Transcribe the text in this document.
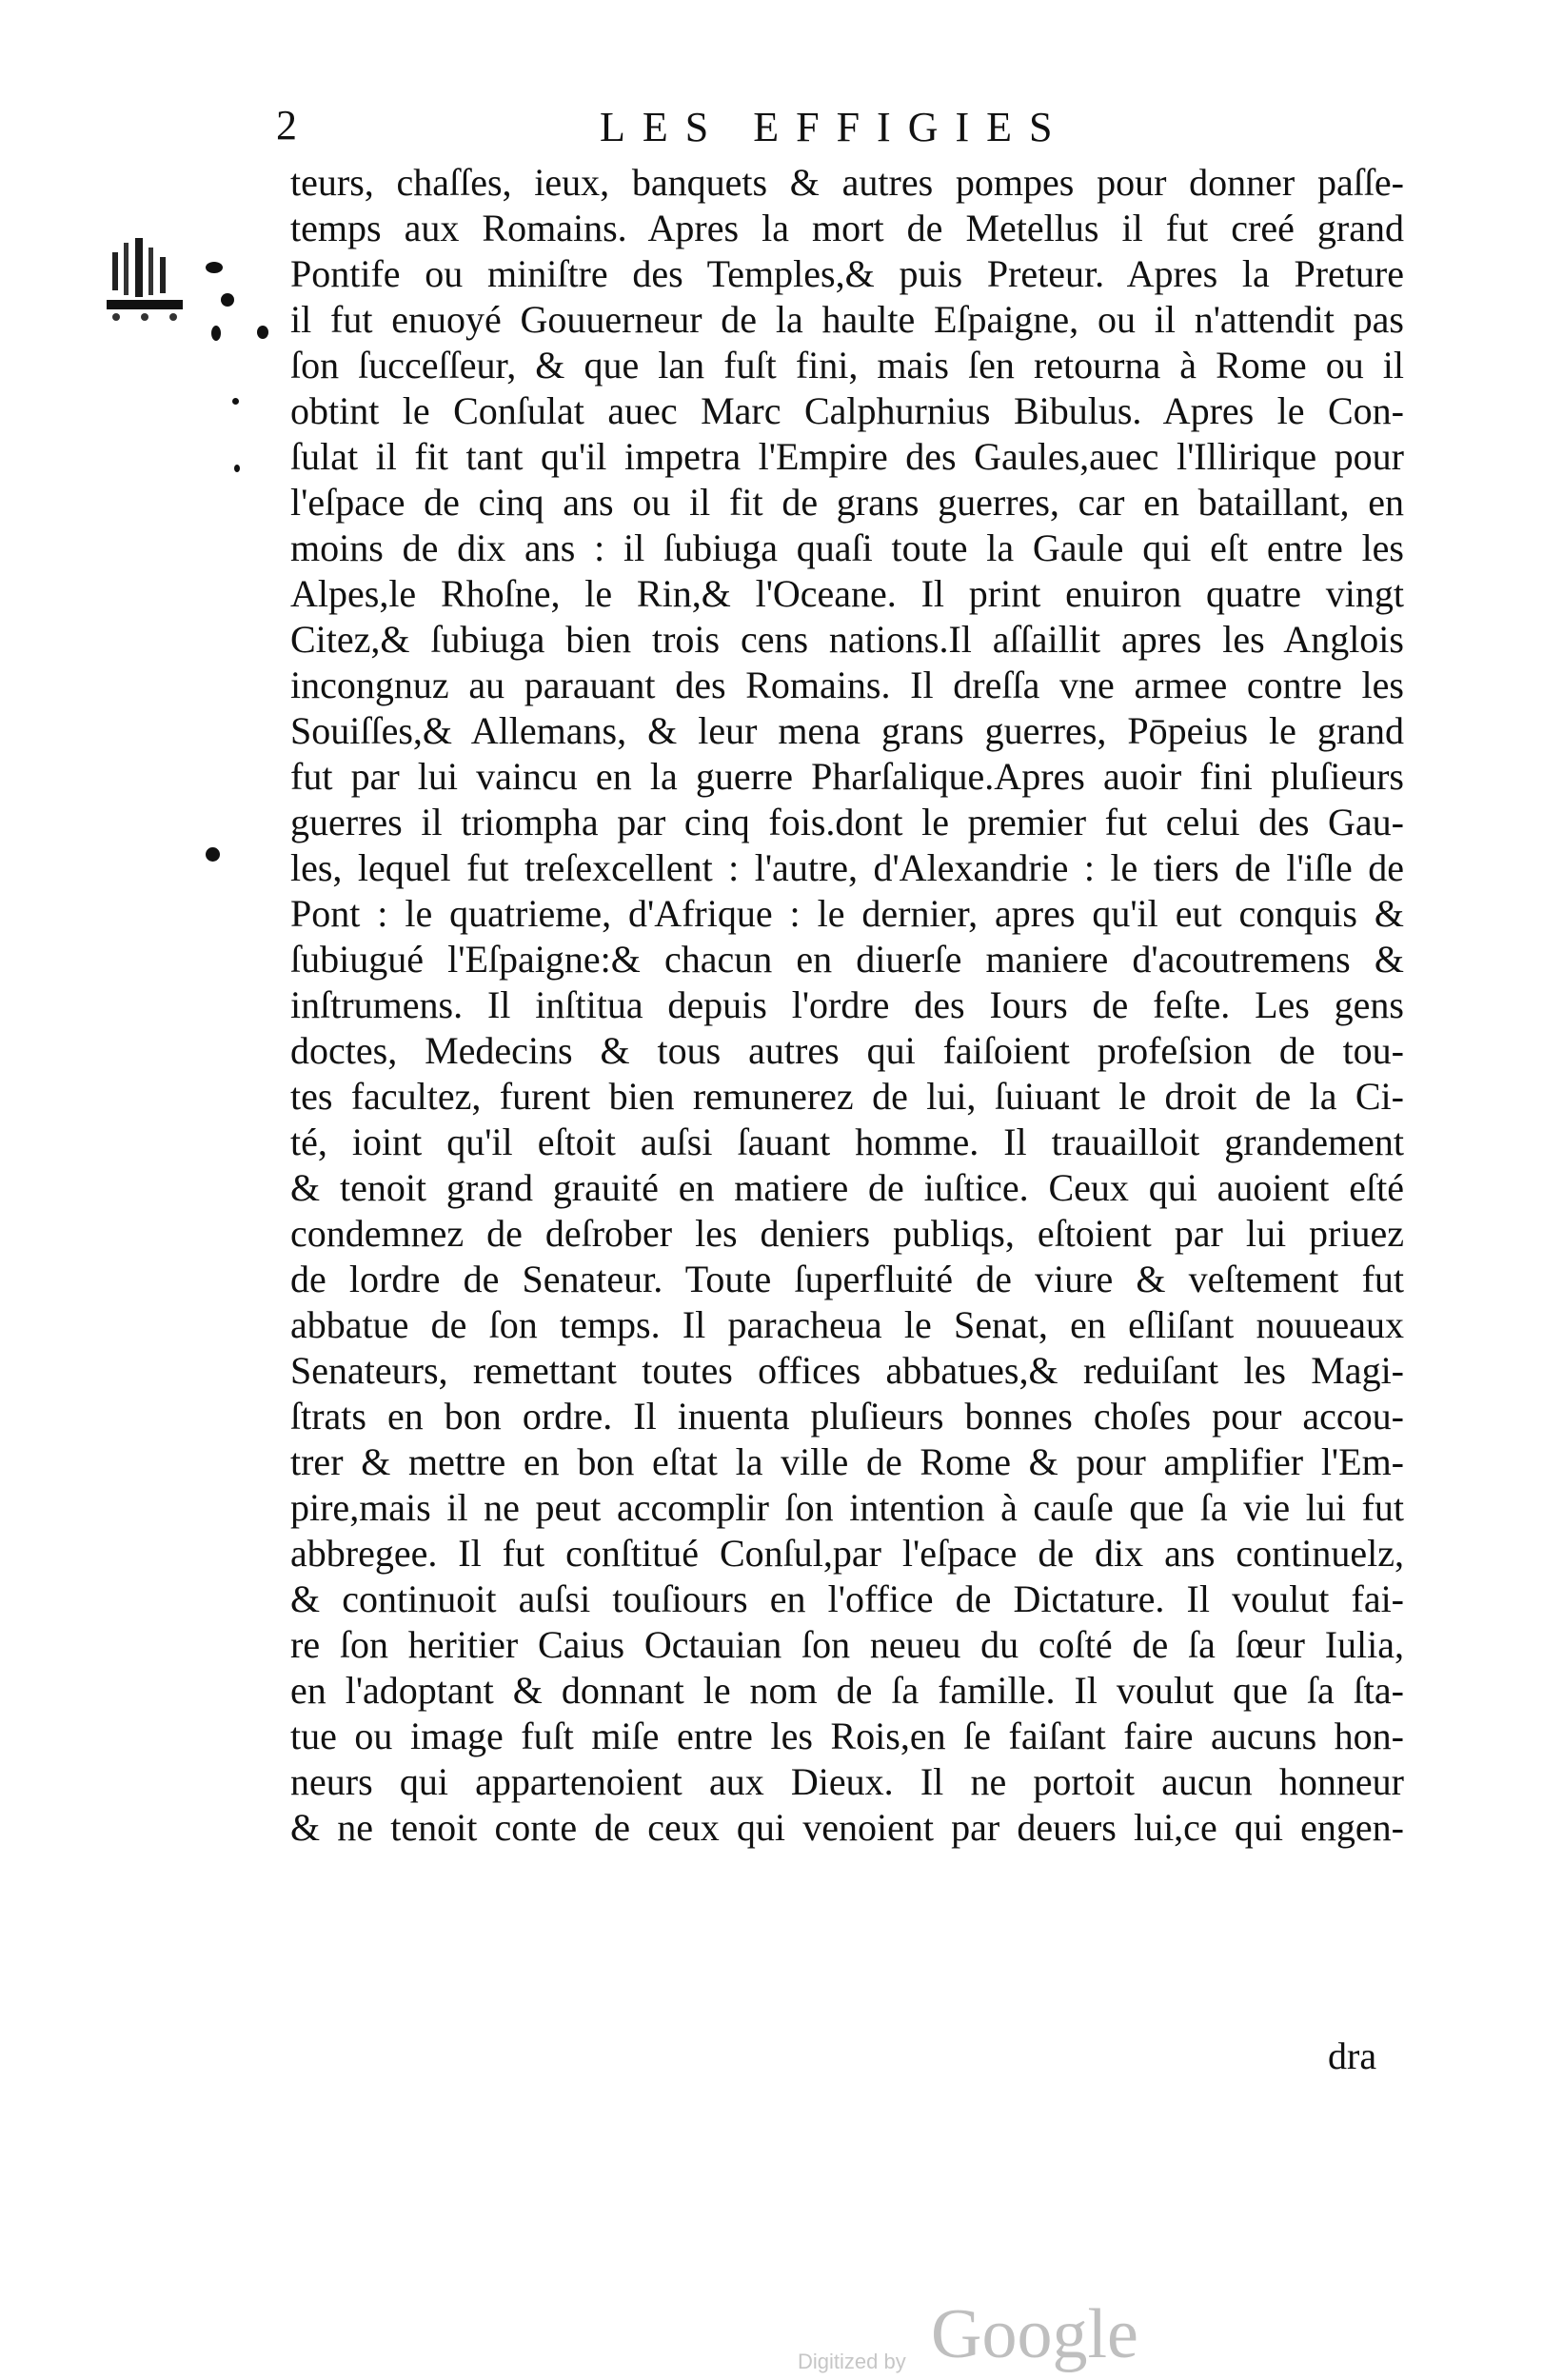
2	LES EFFIGIES
teurs, chaſſes, ieux, banquets & autres pompes pour donner paſſe-
temps aux Romains. Apres la mort de Metellus il fut creé grand
Pontife ou miniſtre des Temples,& puis Preteur. Apres la Preture
il fut enuoyé Gouuerneur de la haulte Eſpaigne, ou il n'attendit pas
ſon ſucceſſeur, & que lan fuſt fini, mais ſen retourna à Rome ou il
obtint le Conſulat auec Marc Calphurnius Bibulus. Apres le Con-
ſulat il fit tant qu'il impetra l'Empire des Gaules,auec l'Illirique pour
l'eſpace de cinq ans ou il fit de grans guerres, car en bataillant, en
moins de dix ans : il ſubiuga quaſi toute la Gaule qui eſt entre les
Alpes,le Rhoſne, le Rin,& l'Oceane. Il print enuiron quatre vingt
Citez,& ſubiuga bien trois cens nations.Il aſſaillit apres les Anglois
incongnuz au parauant des Romains. Il dreſſa vne armee contre les
Souiſſes,& Allemans, & leur mena grans guerres, Pōpeius le grand
fut par lui vaincu en la guerre Pharſalique.Apres auoir fini pluſieurs
guerres il triompha par cinq fois.dont le premier fut celui des Gau-
les, lequel fut treſexcellent : l'autre, d'Alexandrie : le tiers de l'iſle de
Pont : le quatrieme, d'Afrique : le dernier, apres qu'il eut conquis &
ſubiugué l'Eſpaigne:& chacun en diuerſe maniere d'acoutremens &
inſtrumens. Il inſtitua depuis l'ordre des Iours de feſte. Les gens
doctes, Medecins & tous autres qui faiſoient profeſsion de tou-
tes facultez, furent bien remunerez de lui, ſuiuant le droit de la Ci-
té, ioint qu'il eſtoit auſsi ſauant homme. Il trauailloit grandement
& tenoit grand grauité en matiere de iuſtice. Ceux qui auoient eſté
condemnez de deſrober les deniers publiqs, eſtoient par lui priuez
de lordre de Senateur. Toute ſuperfluité de viure & veſtement fut
abbatue de ſon temps. Il paracheua le Senat, en eſliſant nouueaux
Senateurs, remettant toutes offices abbatues,& reduiſant les Magi-
ſtrats en bon ordre. Il inuenta pluſieurs bonnes choſes pour accou-
trer & mettre en bon eſtat la ville de Rome & pour amplifier l'Em-
pire,mais il ne peut accomplir ſon intention à cauſe que ſa vie lui fut
abbregee. Il fut conſtitué Conſul,par l'eſpace de dix ans continuelz,
& continuoit auſsi touſiours en l'office de Dictature. Il voulut fai-
re ſon heritier Caius Octauian ſon neueu du coſté de ſa ſœur Iulia,
en l'adoptant & donnant le nom de ſa famille. Il voulut que ſa ſta-
tue ou image fuſt miſe entre les Rois,en ſe faiſant faire aucuns hon-
neurs qui appartenoient aux Dieux. Il ne portoit aucun honneur
& ne tenoit conte de ceux qui venoient par deuers lui,ce qui engen-
dra
Digitized by Google
